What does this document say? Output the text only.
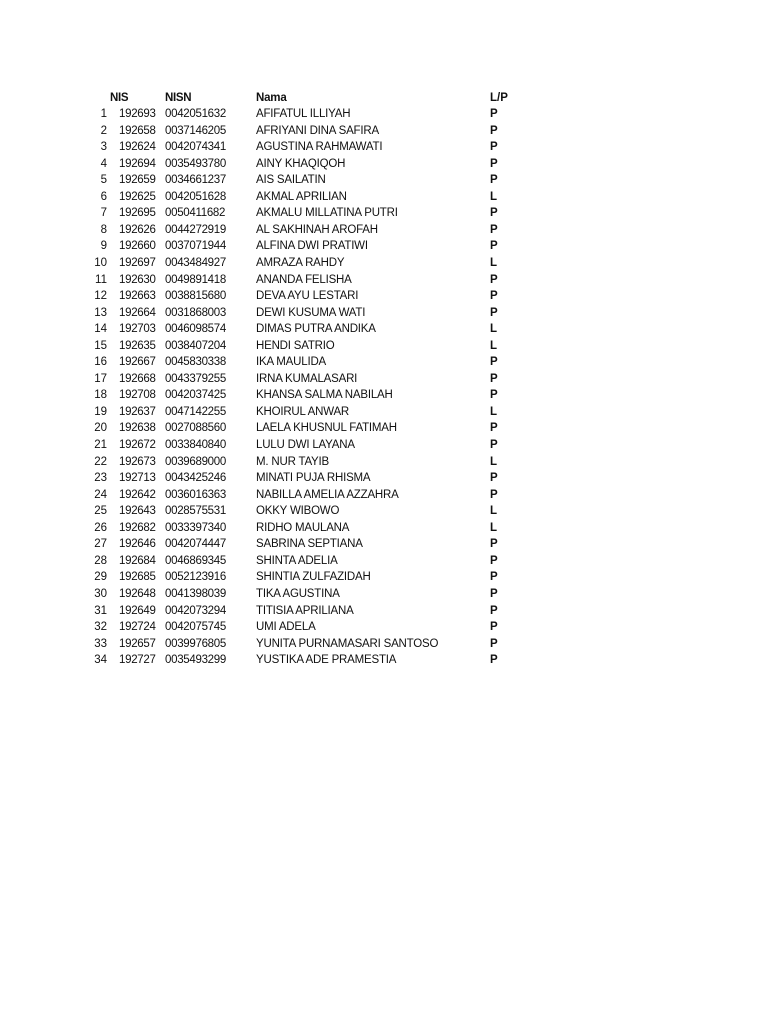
NIS	NISN	Nama	L/P
1 192693 0042051632	AFIFATUL ILLIYAH	P
2 192658 0037146205	AFRIYANI DINA SAFIRA	P
3 192624 0042074341	AGUSTINA RAHMAWATI	P
4 192694 0035493780	AINY KHAQIQOH	P
5 192659 0034661237	AIS SAILATIN	P
6 192625 0042051628	AKMAL APRILIAN	L
7 192695 0050411682	AKMALU MILLATINA PUTRI	P
8 192626 0044272919	AL SAKHINAH AROFAH	P
9 192660 0037071944	ALFINA DWI PRATIWI	P
10 192697 0043484927	AMRAZA RAHDY	L
11 192630 0049891418	ANANDA FELISHA	P
12 192663 0038815680	DEVA AYU LESTARI	P
13 192664 0031868003	DEWI KUSUMA WATI	P
14 192703 0046098574	DIMAS PUTRA ANDIKA	L
15 192635 0038407204	HENDI SATRIO	L
16 192667 0045830338	IKA MAULIDA	P
17 192668 0043379255	IRNA KUMALASARI	P
18 192708 0042037425	KHANSA SALMA NABILAH	P
19 192637 0047142255	KHOIRUL ANWAR	L
20 192638 0027088560	LAELA KHUSNUL FATIMAH	P
21 192672 0033840840	LULU DWI LAYANA	P
22 192673 0039689000	M. NUR TAYIB	L
23 192713 0043425246	MINATI PUJA RHISMA	P
24 192642 0036016363	NABILLA AMELIA AZZAHRA	P
25 192643 0028575531	OKKY WIBOWO	L
26 192682 0033397340	RIDHO MAULANA	L
27 192646 0042074447	SABRINA SEPTIANA	P
28 192684 0046869345	SHINTA ADELIA	P
29 192685 0052123916	SHINTIA ZULFAZIDAH	P
30 192648 0041398039	TIKA AGUSTINA	P
31 192649 0042073294	TITISIA APRILIANA	P
32 192724 0042075745	UMI ADELA	P
33 192657 0039976805	YUNITA PURNAMASARI SANTOSO	P
34 192727 0035493299	YUSTIKA ADE PRAMESTIA	P
